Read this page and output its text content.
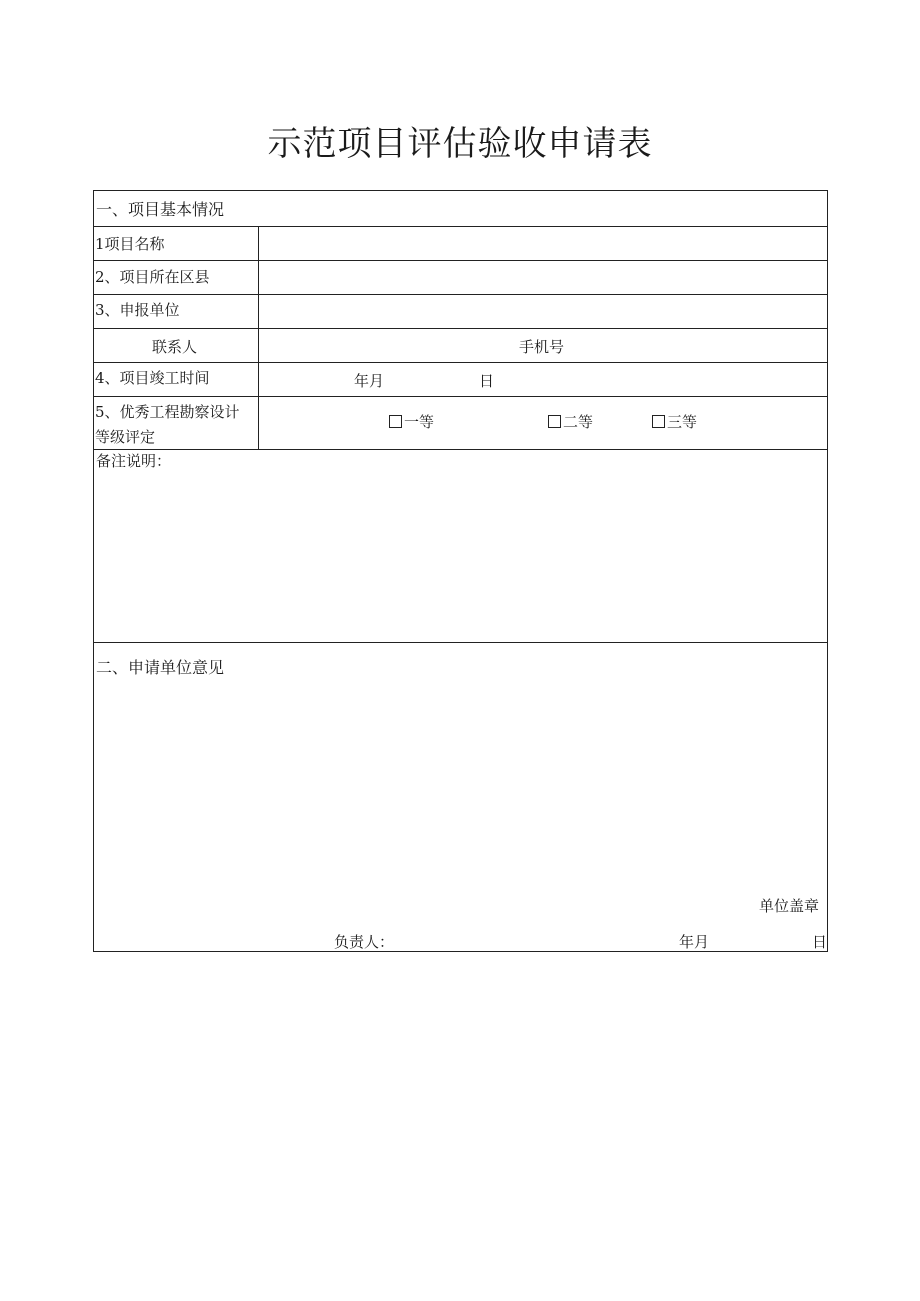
示范项目评估验收申请表
一、项目基本情况
1项目名称
2、项目所在区县
3、申报单位
联系人	手机号
4、项目竣工时间	年月	日
5、优秀工程勘察设计
等级评定
一等	二等	三等
备注说明：
二、申请单位意见
单位盖章
负责人：	年月	日
